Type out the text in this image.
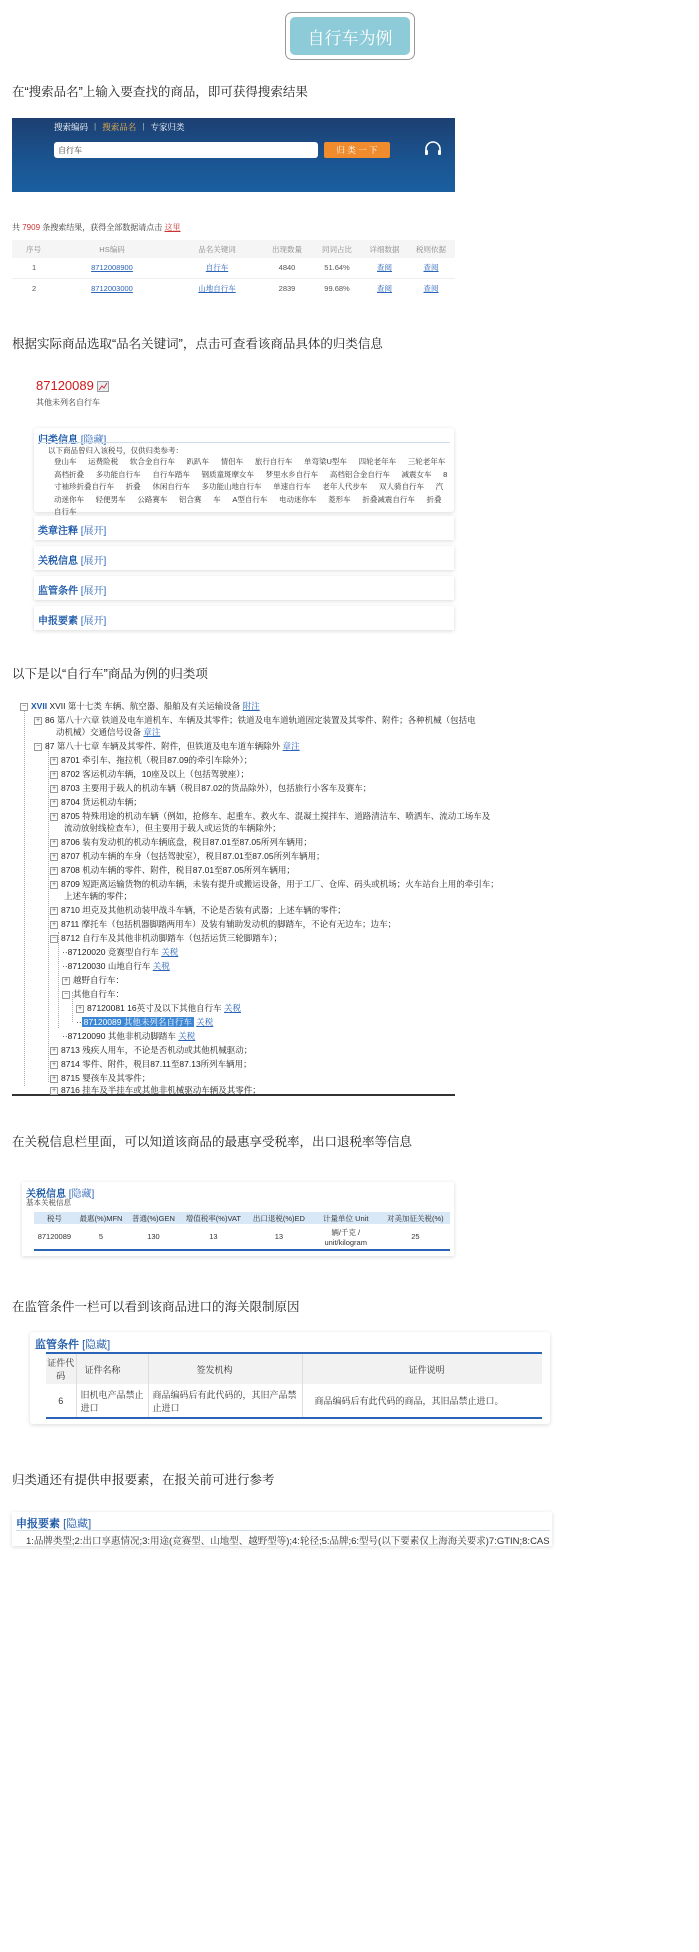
自行车为例
在“搜索品名”上输入要查找的商品，即可获得搜索结果
搜索编码 | 搜索品名 | 专家归类
自行车	归 类 一 下
共 7909 条搜索结果，获得全部数据请点击 这里
序号	HS编码	品名关键词	出现数量	同词占比	详细数据	税则依据
1	8712008900	自行车	4840	51.64%	查阅	查阅
2	8712003000	山地自行车	2839	99.68%	查阅	查阅
根据实际商品选取“品名关键词”，点击可查看该商品具体的归类信息
87120089
其他未列名自行车
归类信息 [隐藏]
以下商品曾归入该税号，仅供归类参考：
登山车 　 运费险税 　 软合金自行车 　 趴趴车 　 情侣车 　 旅行自行车 　 单弯梁U型车 　 四轮老年车 　 三轮老年车 　 高档折叠 　 多功能自行车 　 自行车踏车 　 钢质童斑摩女车 　 梦里水乡自行车 　 高档铝合金自行车 　 减震女车 　 8寸袖珍折叠自行车 　 折叠 　 休闲自行车 　 多功能山地自行车 　 单速自行车 　 老年人代步车 　 双人骑自行车 　 汽动迷你车 　 轻便男车 　 公路赛车 　 铝合赛 　 车 　 A型自行车 　 电动迷你车 　 菱形车 　 折叠减震自行车 　 折叠自行车
类章注释 [展开]
关税信息 [展开]
监管条件 [展开]
申报要素 [展开]
以下是以“自行车”商品为例的归类项
− XVII XVII 第十七类 车辆、航空器、船舶及有关运输设备 附注
+ 86 第八十六章 铁道及电车道机车、车辆及其零件；铁道及电车道轨道固定装置及其零件、附件；各种机械（包括电
动机械）交通信号设备 章注
− 87 第八十七章 车辆及其零件、附件，但铁道及电车道车辆除外 章注
+ 8701 牵引车、拖拉机（税目87.09的牵引车除外）；
+ 8702 客运机动车辆，10座及以上（包括驾驶座）；
+ 8703 主要用于载人的机动车辆（税目87.02的货品除外），包括旅行小客车及赛车；
+ 8704 货运机动车辆；
+ 8705 特殊用途的机动车辆（例如，抢修车、起重车、救火车、混凝土搅拌车、道路清洁车、喷洒车、流动工场车及
流动放射线检查车），但主要用于载人或运货的车辆除外；
+ 8706 装有发动机的机动车辆底盘，税目87.01至87.05所列车辆用；
+ 8707 机动车辆的车身（包括驾驶室），税目87.01至87.05所列车辆用；
+ 8708 机动车辆的零件、附件，税目87.01至87.05所列车辆用；
+ 8709 短距离运输货物的机动车辆，未装有提升或搬运设备，用于工厂、仓库、码头或机场；火车站台上用的牵引车；
上述车辆的零件；
+ 8710 坦克及其他机动装甲战斗车辆，不论是否装有武器；上述车辆的零件；
+ 8711 摩托车（包括机器脚踏两用车）及装有辅助发动机的脚踏车，不论有无边车；边车；
− 8712 自行车及其他非机动脚踏车（包括运货三轮脚踏车）；
··87120020 竞赛型自行车 关税
··87120030 山地自行车 关税
+ 越野自行车：
− 其他自行车：
+ 87120081 16英寸及以下其他自行车 关税
·· 87120089 其他未列名自行车 关税
··87120090 其他非机动脚踏车 关税
+ 8713 残疾人用车，不论是否机动或其他机械驱动；
+ 8714 零件、附件，税目87.11至87.13所列车辆用；
+ 8715 婴孩车及其零件；
+ 8716 挂车及半挂车或其他非机械驱动车辆及其零件；
在关税信息栏里面，可以知道该商品的最惠享受税率，出口退税率等信息
关税信息 [隐藏]
基本关税信息
税号	最惠(%)MFN	普通(%)GEN	增值税率(%)VAT	出口退税(%)ED	计量单位 Unit	对美加征关税(%)
87120089	5	130	13	13	辆/千克 / unit/kilogram	25
在监管条件一栏可以看到该商品进口的海关限制原因
监管条件 [隐藏]
证件代码	证件名称	签发机构	证件说明
6	旧机电产品禁止进口	商品编码后有此代码的，其旧产品禁止进口	商品编码后有此代码的商品，其旧品禁止进口。
归类通还有提供申报要素，在报关前可进行参考
申报要素 [隐藏]
1:品牌类型;2:出口享惠情况;3:用途(竞赛型、山地型、越野型等);4:轮径;5:品牌;6:型号(以下要素仅上海海关要求)7:GTIN;8:CAS
